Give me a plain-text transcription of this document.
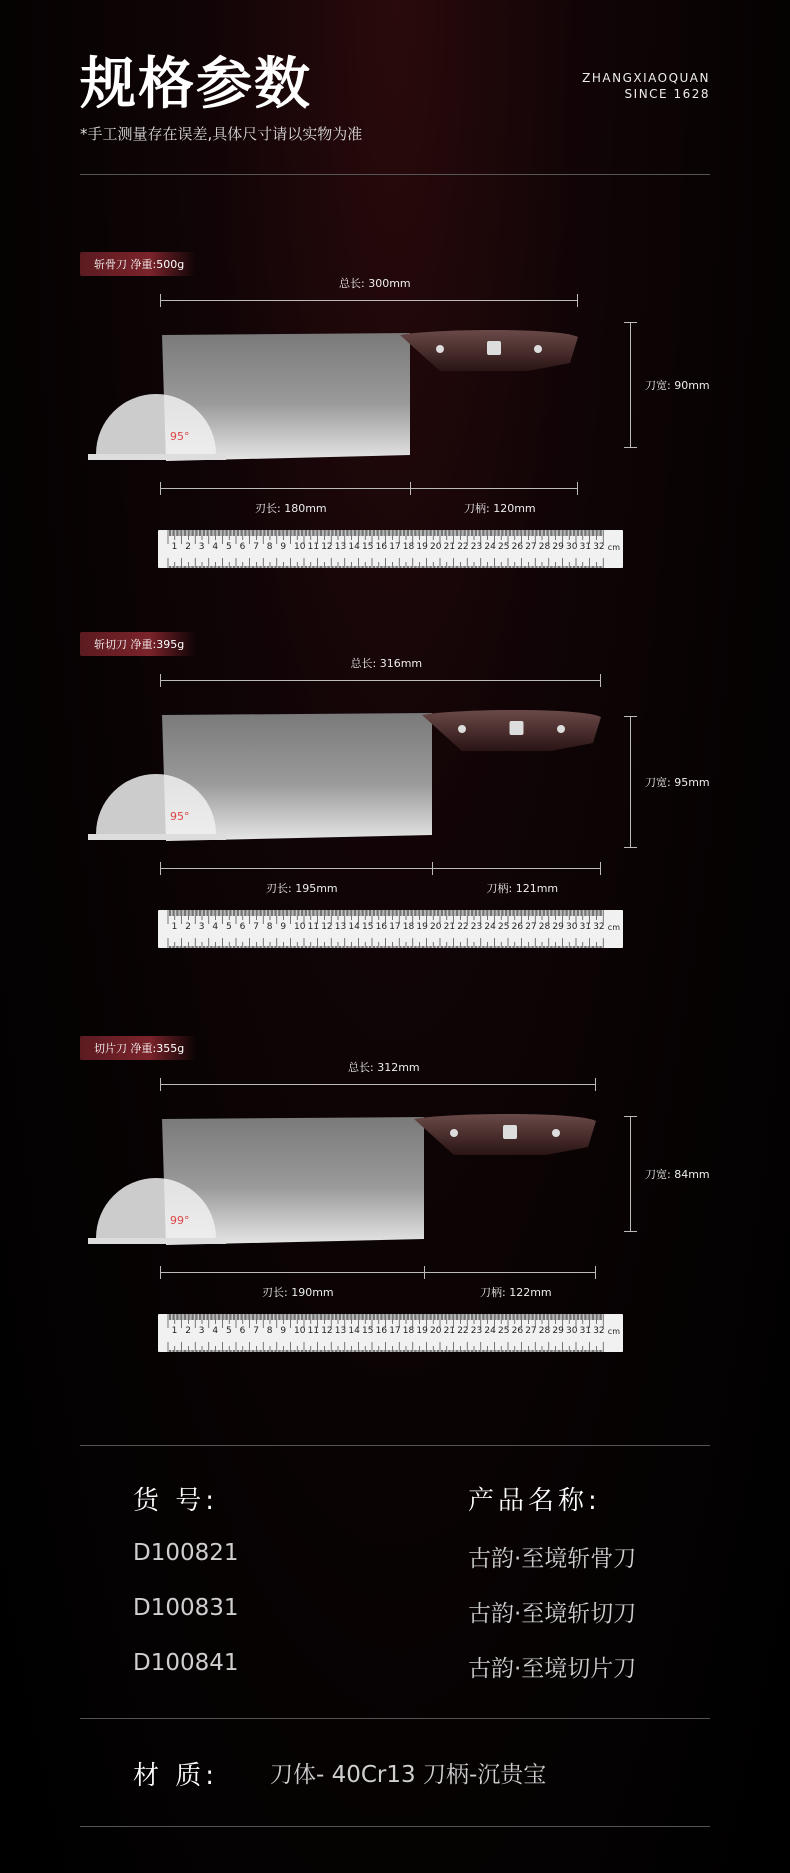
规格参数
*手工测量存在误差,具体尺寸请以实物为准
ZHANGXIAOQUAN
SINCE 1628
斩骨刀 净重:500g
总长: 300mm
95°
刀宽: 90mm
刃长: 180mm	刀柄: 120mm
1 2 3 4 5 6 7 8 9 10 11 12 13 14 15 16 17 18 19 20 21 22 23 24 25 26 27 28 29 30 31 32 cm
斩切刀 净重:395g
总长: 316mm
95°
刀宽: 95mm
刃长: 195mm	刀柄: 121mm
1 2 3 4 5 6 7 8 9 10 11 12 13 14 15 16 17 18 19 20 21 22 23 24 25 26 27 28 29 30 31 32 cm
切片刀 净重:355g
总长: 312mm
99°
刀宽: 84mm
刃长: 190mm	刀柄: 122mm
1 2 3 4 5 6 7 8 9 10 11 12 13 14 15 16 17 18 19 20 21 22 23 24 25 26 27 28 29 30 31 32 cm
货 号:	产品名称:
D100821	古韵·至境斩骨刀
D100831	古韵·至境斩切刀
D100841	古韵·至境切片刀
材 质: 刀体- 40Cr13 刀柄-沉贵宝
